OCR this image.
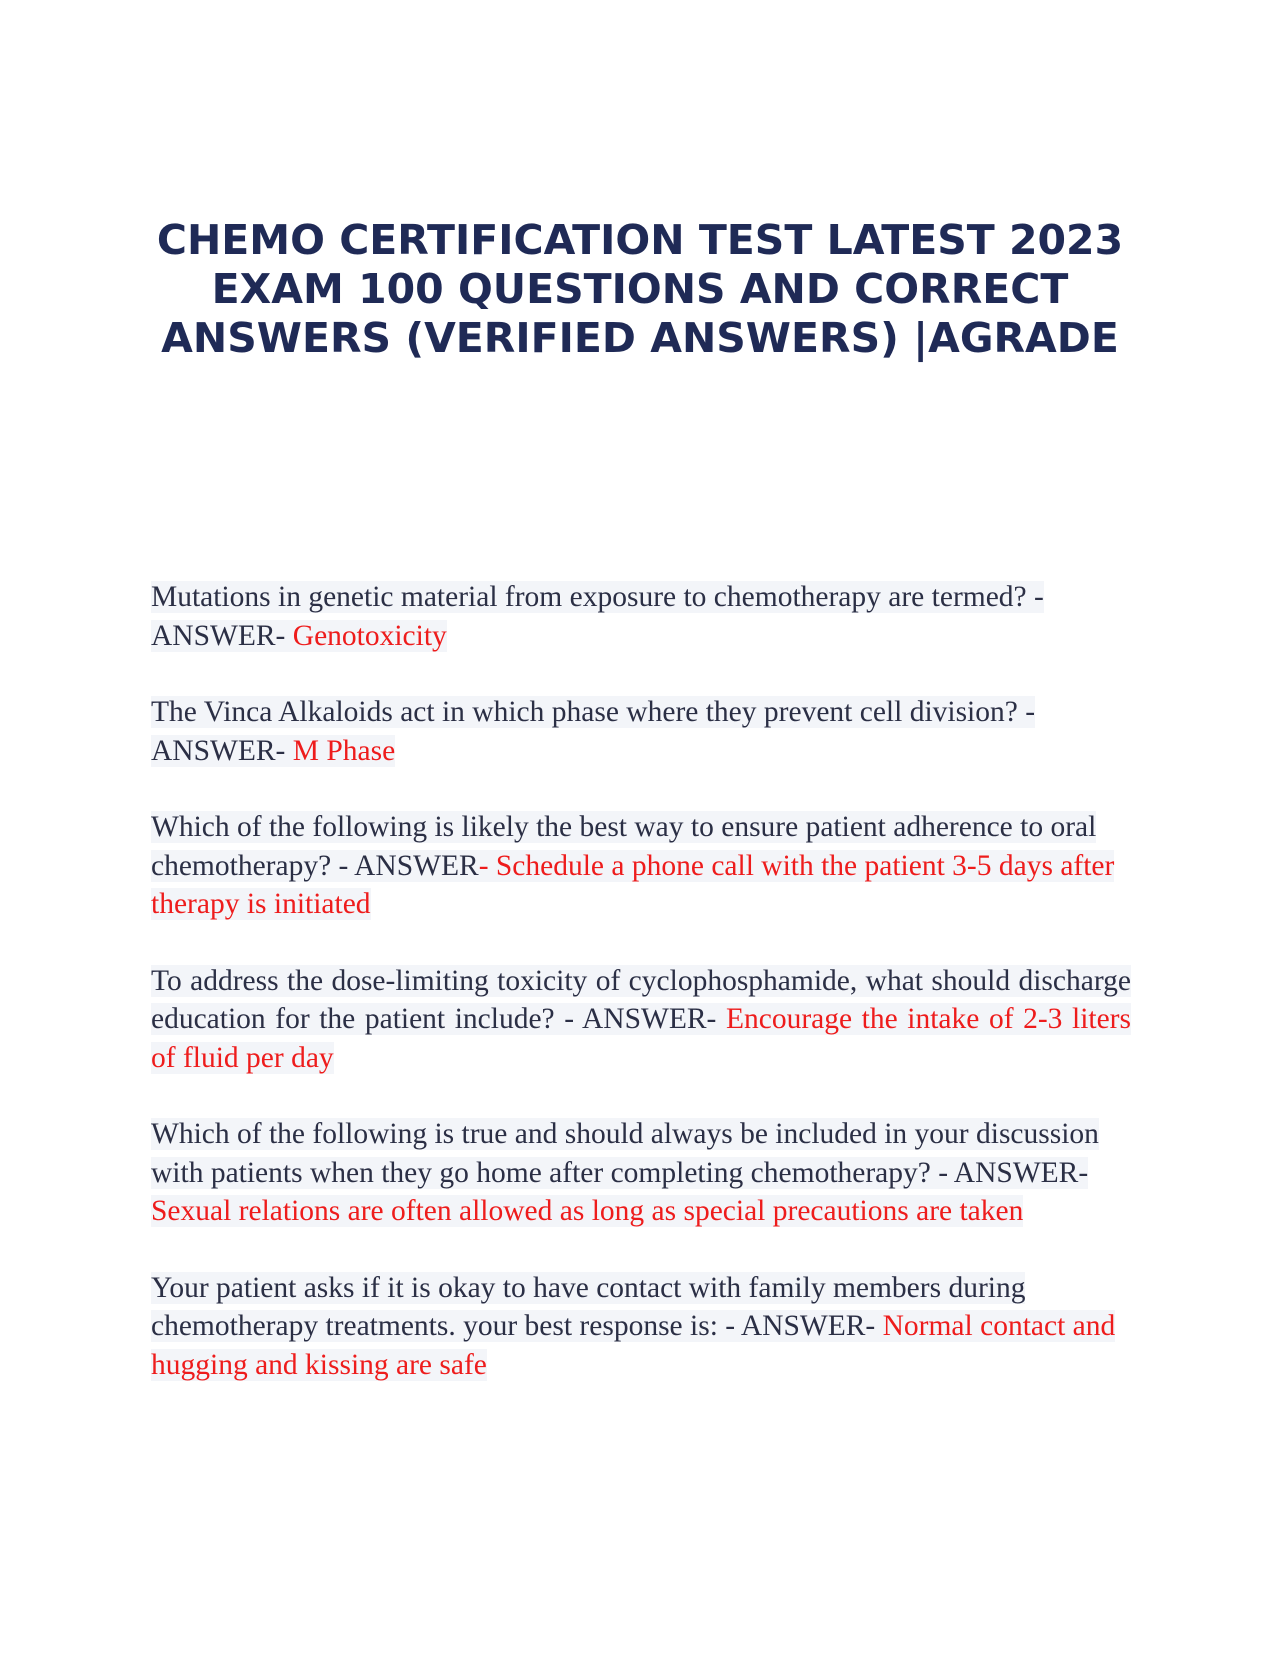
CHEMO CERTIFICATION TEST LATEST 2023 EXAM 100 QUESTIONS AND CORRECT ANSWERS (VERIFIED ANSWERS) |AGRADE

Mutations in genetic material from exposure to chemotherapy are termed? - ANSWER- Genotoxicity

The Vinca Alkaloids act in which phase where they prevent cell division? - ANSWER- M Phase

Which of the following is likely the best way to ensure patient adherence to oral chemotherapy? - ANSWER- Schedule a phone call with the patient 3-5 days after therapy is initiated

To address the dose-limiting toxicity of cyclophosphamide, what should discharge education for the patient include? - ANSWER- Encourage the intake of 2-3 liters of fluid per day

Which of the following is true and should always be included in your discussion with patients when they go home after completing chemotherapy? - ANSWER- Sexual relations are often allowed as long as special precautions are taken

Your patient asks if it is okay to have contact with family members during chemotherapy treatments. your best response is: - ANSWER- Normal contact and hugging and kissing are safe
